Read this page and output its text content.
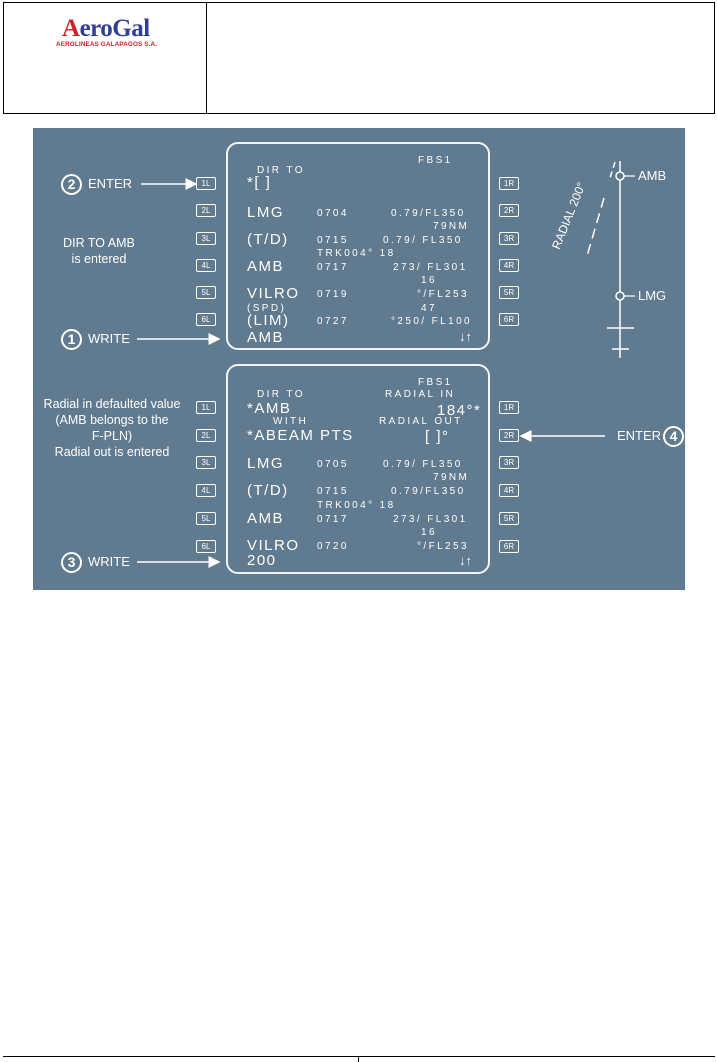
AeroGal
AEROLINEAS GALAPAGOS S.A.
AMB
LMG
RADIAL 200°
FBS1
DIR TO
*[ ]
LMG	0704	0.79/FL350
79NM
(T/D)	0715	0.79/ FL350
TRK004° 18
AMB	0717	273/ FL301
16
VILRO 0719	°/FL253
(SPD)	47
(LIM)	0727	°250/ FL100
AMB	↓↑
1L
2L
3L
4L
5L
6L
1R
2R
3R
4R
5R
6R
2 ENTER
DIR TO AMB
is entered
1 WRITE
FBS1
DIR TO	RADIAL IN
*AMB	184°*
WITH	RADIAL OUT
*ABEAM PTS	[ ]°
LMG	0705	0.79/ FL350
79NM
(T/D)	0715	0.79/FL350
TRK004° 18
AMB	0717	273/ FL301
16
VILRO 0720	°/FL253
200	↓↑
1L
2L
3L
4L
5L
6L
1R
2R
3R
4R
5R
6R
Radial in defaulted value
(AMB belongs to the
F-PLN)
Radial out is entered
3 WRITE
ENTER 4
